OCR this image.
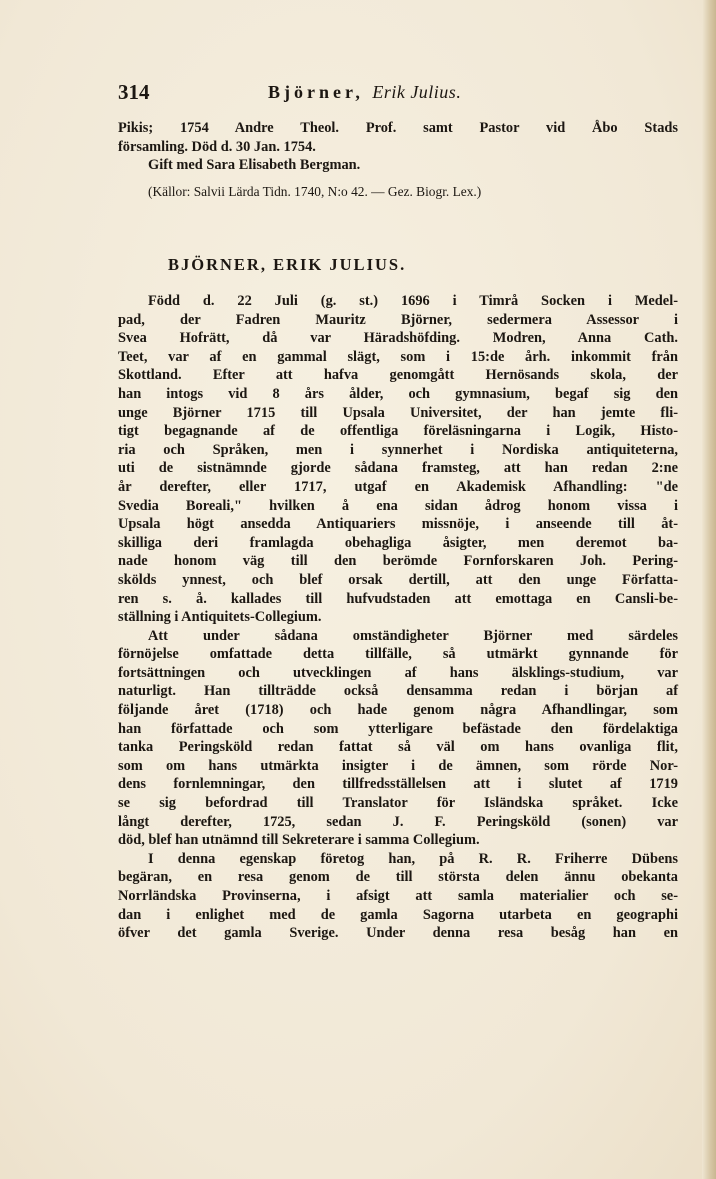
314	Björner, Erik Julius.
Pikis; 1754 Andre Theol. Prof. samt Pastor vid Åbo Stads
församling. Död d. 30 Jan. 1754.
Gift med Sara Elisabeth Bergman.
(Källor: Salvii Lärda Tidn. 1740, N:o 42. — Gez. Biogr. Lex.)
BJÖRNER, ERIK JULIUS.
Född d. 22 Juli (g. st.) 1696 i Timrå Socken i Medel-
pad, der Fadren Mauritz Björner, sedermera Assessor i
Svea Hofrätt, då var Häradshöfding. Modren, Anna Cath.
Teet, var af en gammal slägt, som i 15:de årh. inkommit från
Skottland. Efter att hafva genomgått Hernösands skola, der
han intogs vid 8 års ålder, och gymnasium, begaf sig den
unge Björner 1715 till Upsala Universitet, der han jemte fli-
tigt begagnande af de offentliga föreläsningarna i Logik, Histo-
ria och Språken, men i synnerhet i Nordiska antiquiteterna,
uti de sistnämnde gjorde sådana framsteg, att han redan 2:ne
år derefter, eller 1717, utgaf en Akademisk Afhandling: "de
Svedia Boreali," hvilken å ena sidan ådrog honom vissa i
Upsala högt ansedda Antiquariers missnöje, i anseende till åt-
skilliga deri framlagda obehagliga åsigter, men deremot ba-
nade honom väg till den berömde Fornforskaren Joh. Pering-
skölds ynnest, och blef orsak dertill, att den unge Författa-
ren s. å. kallades till hufvudstaden att emottaga en Cansli-be-
ställning i Antiquitets-Collegium.
Att under sådana omständigheter Björner med särdeles
förnöjelse omfattade detta tillfälle, så utmärkt gynnande för
fortsättningen och utvecklingen af hans älsklings-studium, var
naturligt. Han tillträdde också densamma redan i början af
följande året (1718) och hade genom några Afhandlingar, som
han författade och som ytterligare befästade den fördelaktiga
tanka Peringsköld redan fattat så väl om hans ovanliga flit,
som om hans utmärkta insigter i de ämnen, som rörde Nor-
dens fornlemningar, den tillfredsställelsen att i slutet af 1719
se sig befordrad till Translator för Isländska språket. Icke
långt derefter, 1725, sedan J. F. Peringsköld (sonen) var
död, blef han utnämnd till Sekreterare i samma Collegium.
I denna egenskap företog han, på R. R. Friherre Dübens
begäran, en resa genom de till största delen ännu obekanta
Norrländska Provinserna, i afsigt att samla materialier och se-
dan i enlighet med de gamla Sagorna utarbeta en geographi
öfver det gamla Sverige. Under denna resa besåg han en
